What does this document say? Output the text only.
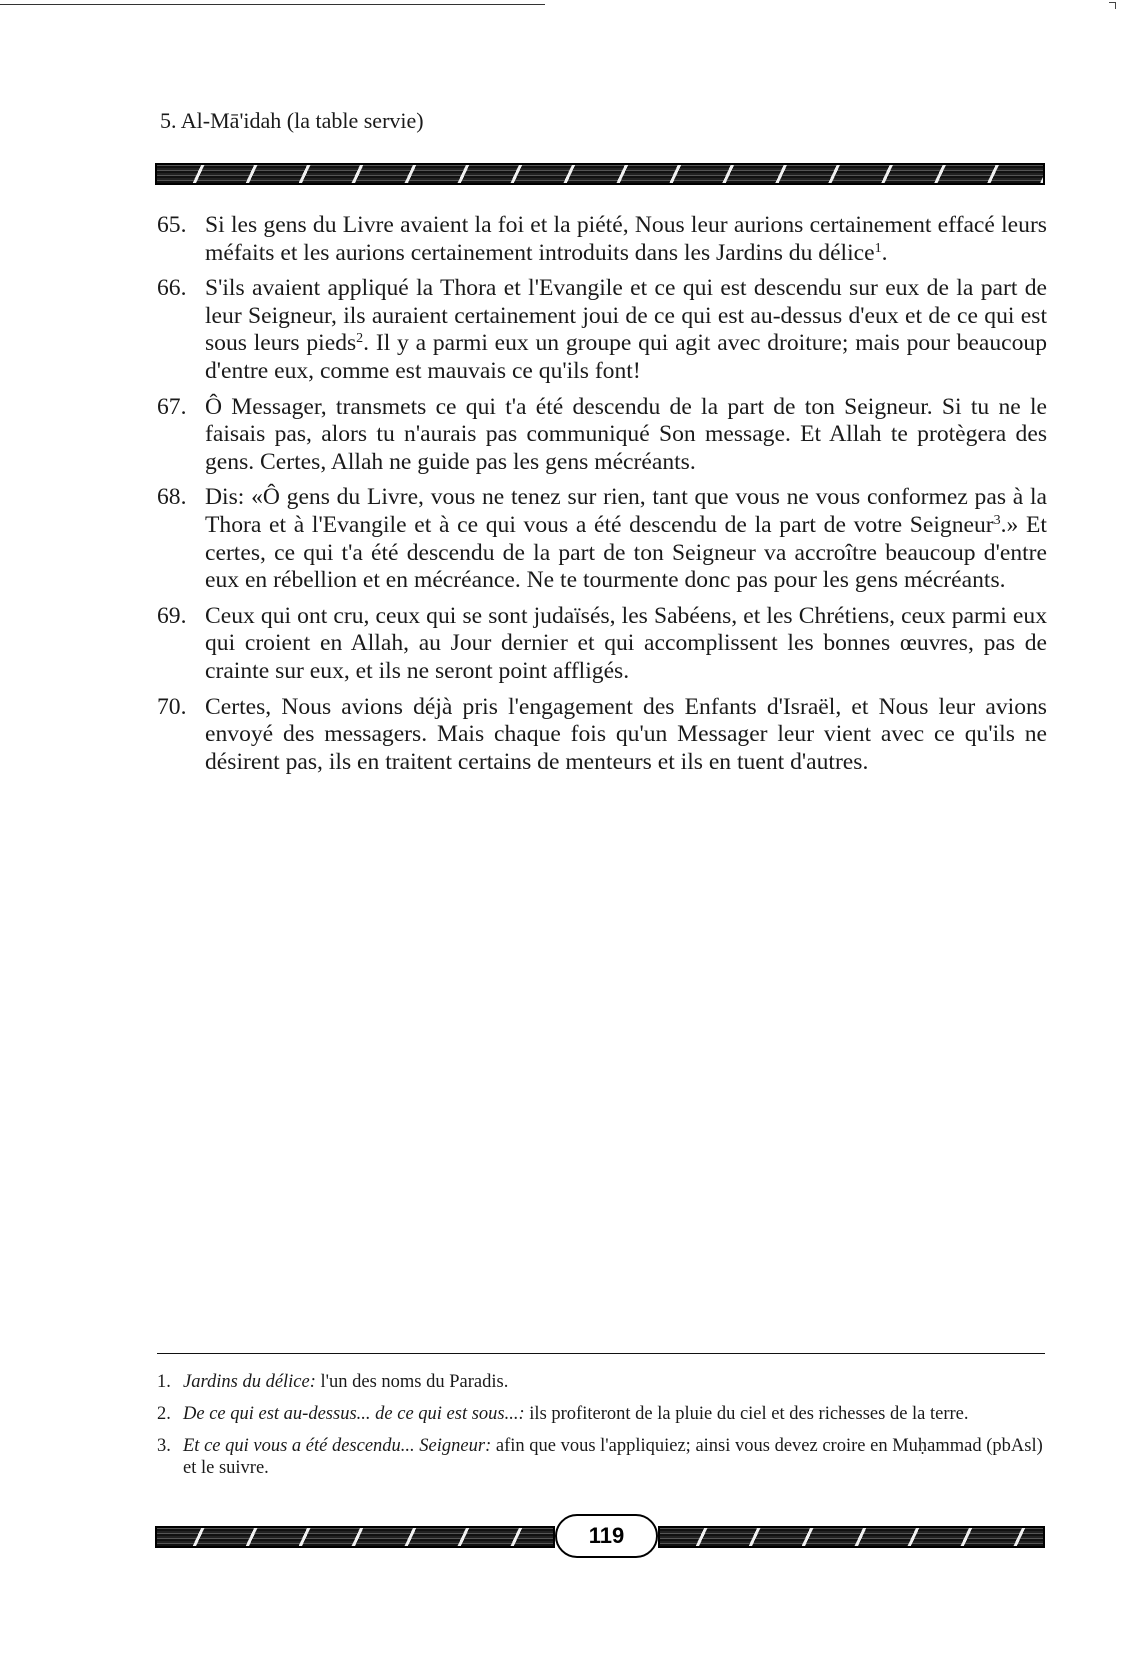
5. Al-Mā'idah (la table servie)
65. Si les gens du Livre avaient la foi et la piété, Nous leur aurions certainement effacé leurs méfaits et les aurions certainement introduits dans les Jardins du délice$^1$.
66. S'ils avaient appliqué la Thora et l'Evangile et ce qui est descendu sur eux de la part de leur Seigneur, ils auraient certainement joui de ce qui est au-dessus d'eux et de ce qui est sous leurs pieds$^2$. Il y a parmi eux un groupe qui agit avec droiture; mais pour beaucoup d'entre eux, comme est mauvais ce qu'ils font!
67. Ô Messager, transmets ce qui t'a été descendu de la part de ton Seigneur. Si tu ne le faisais pas, alors tu n'aurais pas communiqué Son message. Et Allah te protègera des gens. Certes, Allah ne guide pas les gens mécréants.
68. Dis: «Ô gens du Livre, vous ne tenez sur rien, tant que vous ne vous conformez pas à la Thora et à l'Evangile et à ce qui vous a été descendu de la part de votre Seigneur$^3$.» Et certes, ce qui t'a été descendu de la part de ton Seigneur va accroître beaucoup d'entre eux en rébellion et en mécréance. Ne te tourmente donc pas pour les gens mécréants.
69. Ceux qui ont cru, ceux qui se sont judaïsés, les Sabéens, et les Chrétiens, ceux parmi eux qui croient en Allah, au Jour dernier et qui accomplissent les bonnes œuvres, pas de crainte sur eux, et ils ne seront point affligés.
70. Certes, Nous avions déjà pris l'engagement des Enfants d'Israël, et Nous leur avions envoyé des messagers. Mais chaque fois qu'un Messager leur vient avec ce qu'ils ne désirent pas, ils en traitent certains de menteurs et ils en tuent d'autres.
1. Jardins du délice: l'un des noms du Paradis.
2. De ce qui est au-dessus... de ce qui est sous...: ils profiteront de la pluie du ciel et des richesses de la terre.
3. Et ce qui vous a été descendu... Seigneur: afin que vous l'appliquiez; ainsi vous devez croire en Muḥammad (pbAsl) et le suivre.
119
